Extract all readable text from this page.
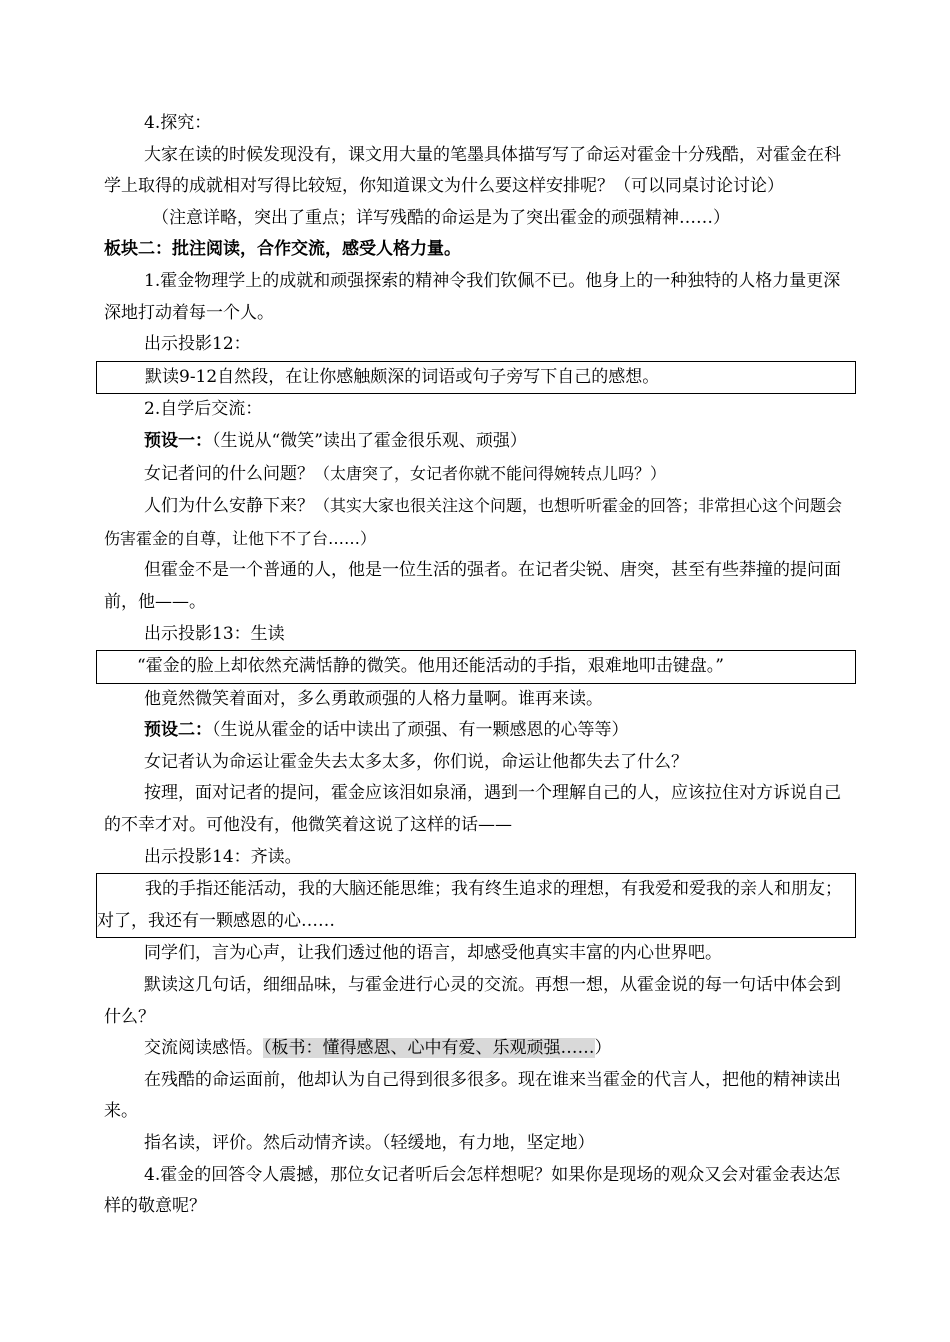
4.探究：

大家在读的时候发现没有，课文用大量的笔墨具体描写写了命运对霍金十分残酷，对霍金在科学上取得的成就相对写得比较短，你知道课文为什么要这样安排呢？（可以同桌讨论讨论）

（注意详略，突出了重点；详写残酷的命运是为了突出霍金的顽强精神……）

板块二：批注阅读，合作交流，感受人格力量。

1.霍金物理学上的成就和顽强探索的精神令我们钦佩不已。他身上的一种独特的人格力量更深深地打动着每一个人。

出示投影12：

默读9-12自然段，在让你感触颇深的词语或句子旁写下自己的感想。

2.自学后交流：

预设一：（生说从“微笑”读出了霍金很乐观、顽强）

女记者问的什么问题？（太唐突了，女记者你就不能问得婉转点儿吗？）

人们为什么安静下来？（其实大家也很关注这个问题，也想听听霍金的回答；非常担心这个问题会伤害霍金的自尊，让他下不了台……）

但霍金不是一个普通的人，他是一位生活的强者。在记者尖锐、唐突，甚至有些莽撞的提问面前，他——。

出示投影13：生读

“霍金的脸上却依然充满恬静的微笑。他用还能活动的手指，艰难地叩击键盘。”

他竟然微笑着面对，多么勇敢顽强的人格力量啊。谁再来读。

预设二：（生说从霍金的话中读出了顽强、有一颗感恩的心等等）

女记者认为命运让霍金失去太多太多，你们说，命运让他都失去了什么？

按理，面对记者的提问，霍金应该泪如泉涌，遇到一个理解自己的人，应该拉住对方诉说自己的不幸才对。可他没有，他微笑着这说了这样的话——

出示投影14：齐读。

我的手指还能活动，我的大脑还能思维；我有终生追求的理想，有我爱和爱我的亲人和朋友；对了，我还有一颗感恩的心……

同学们，言为心声，让我们透过他的语言，却感受他真实丰富的内心世界吧。

默读这几句话，细细品味，与霍金进行心灵的交流。再想一想，从霍金说的每一句话中体会到什么？

交流阅读感悟。（板书：懂得感恩、心中有爱、乐观顽强……）

在残酷的命运面前，他却认为自己得到很多很多。现在谁来当霍金的代言人，把他的精神读出来。

指名读，评价。然后动情齐读。（轻缓地，有力地，坚定地）

4.霍金的回答令人震撼，那位女记者听后会怎样想呢？如果你是现场的观众又会对霍金表达怎样的敬意呢？
